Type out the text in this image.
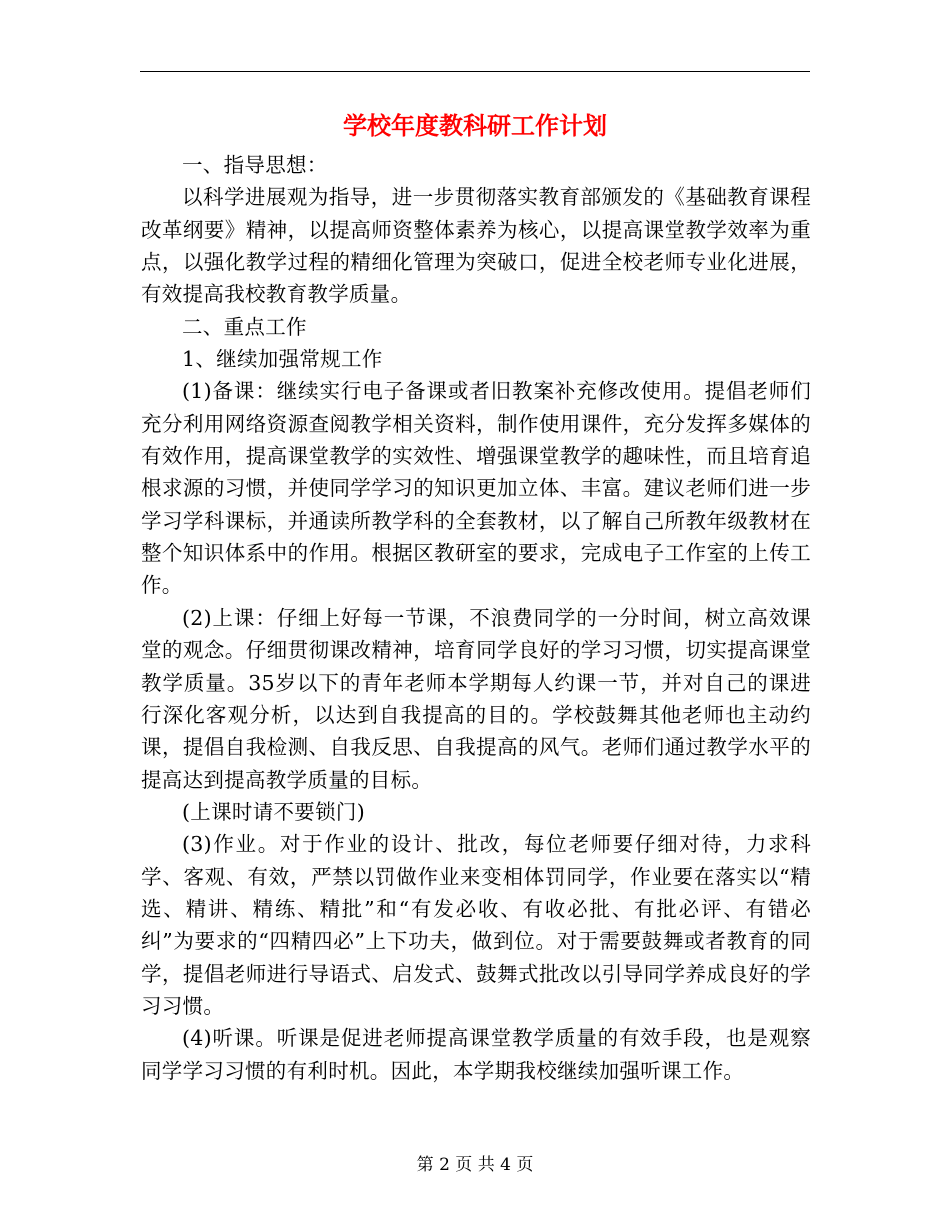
学校年度教科研工作计划

一、指导思想：

以科学进展观为指导，进一步贯彻落实教育部颁发的《基础教育课程改革纲要》精神，以提高师资整体素养为核心，以提高课堂教学效率为重点，以强化教学过程的精细化管理为突破口，促进全校老师专业化进展，有效提高我校教育教学质量。

二、重点工作

1、继续加强常规工作

(1)备课：继续实行电子备课或者旧教案补充修改使用。提倡老师们充分利用网络资源查阅教学相关资料，制作使用课件，充分发挥多媒体的有效作用，提高课堂教学的实效性、增强课堂教学的趣味性，而且培育追根求源的习惯，并使同学学习的知识更加立体、丰富。建议老师们进一步学习学科课标，并通读所教学科的全套教材，以了解自己所教年级教材在整个知识体系中的作用。根据区教研室的要求，完成电子工作室的上传工作。

(2)上课：仔细上好每一节课，不浪费同学的一分时间，树立高效课堂的观念。仔细贯彻课改精神，培育同学良好的学习习惯，切实提高课堂教学质量。35岁以下的青年老师本学期每人约课一节，并对自己的课进行深化客观分析，以达到自我提高的目的。学校鼓舞其他老师也主动约课，提倡自我检测、自我反思、自我提高的风气。老师们通过教学水平的提高达到提高教学质量的目标。

(上课时请不要锁门)

(3)作业。对于作业的设计、批改，每位老师要仔细对待，力求科学、客观、有效，严禁以罚做作业来变相体罚同学，作业要在落实以“精选、精讲、精练、精批”和“有发必收、有收必批、有批必评、有错必纠”为要求的“四精四必”上下功夫，做到位。对于需要鼓舞或者教育的同学，提倡老师进行导语式、启发式、鼓舞式批改以引导同学养成良好的学习习惯。

(4)听课。听课是促进老师提高课堂教学质量的有效手段，也是观察同学学习习惯的有利时机。因此，本学期我校继续加强听课工作。

第 2 页 共 4 页
